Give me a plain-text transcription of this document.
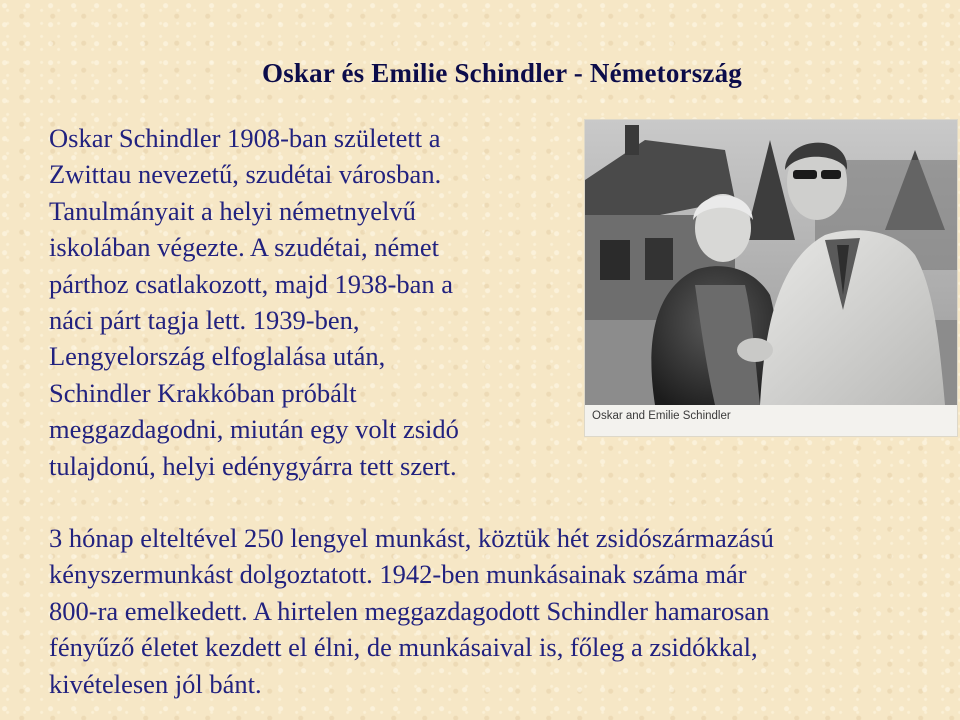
Oskar és Emilie Schindler - Németország

Oskar Schindler 1908-ban született a
Zwittau nevezetű, szudétai városban.
Tanulmányait a helyi németnyelvű
iskolában végezte. A szudétai, német
párthoz csatlakozott, majd 1938-ban a
náci párt tagja lett. 1939-ben,
Lengyelország elfoglalása után,
Schindler Krakkóban próbált
meggazdagodni, miután egy volt zsidó
tulajdonú, helyi edénygyárra tett szert.

Oskar and Emilie Schindler

3 hónap elteltével 250 lengyel munkást, köztük hét zsidószármazású
kényszermunkást dolgoztatott. 1942-ben munkásainak száma már
800-ra emelkedett. A hirtelen meggazdagodott Schindler hamarosan
fényűző életet kezdett el élni, de munkásaival is, főleg a zsidókkal,
kivételesen jól bánt.
